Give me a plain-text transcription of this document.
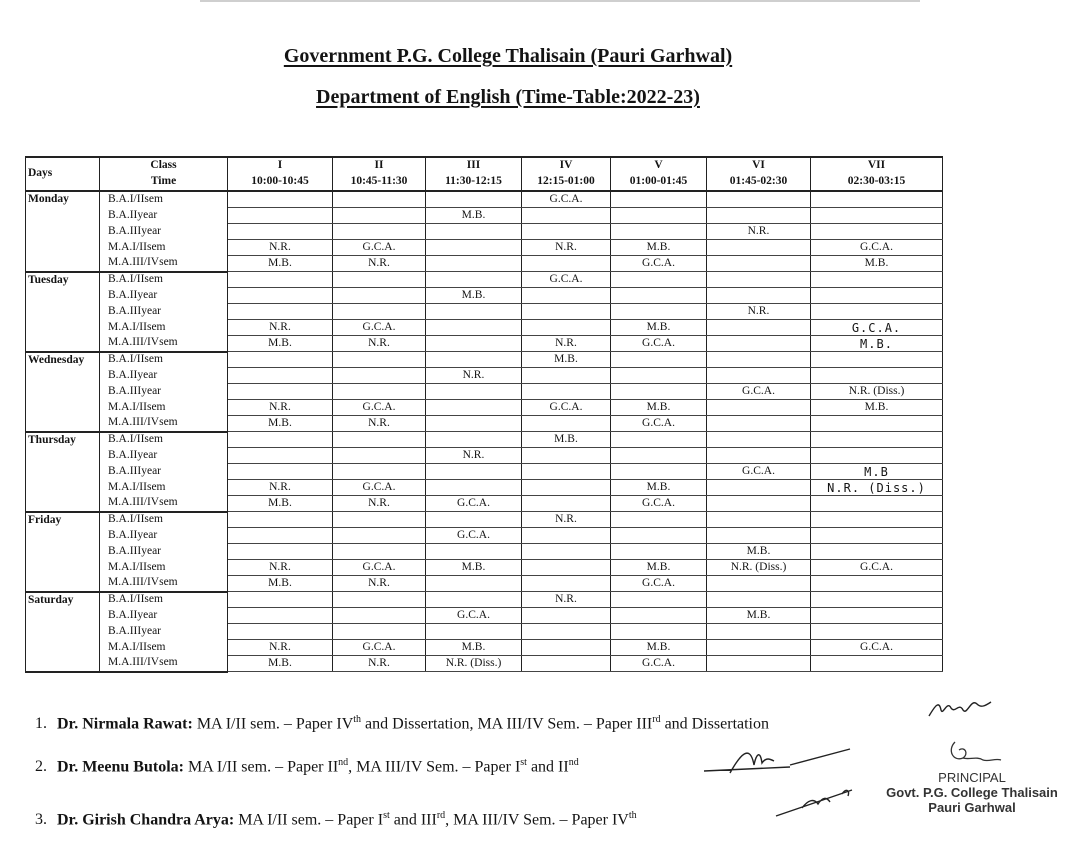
Government P.G. College Thalisain (Pauri Garhwal)
Department of English (Time-Table:2022-23)
Days	Class	I	II	III	IV	V	VI	VII
	Time	10:00-10:45	10:45-11:30	11:30-12:15	12:15-01:00	01:00-01:45	01:45-02:30	02:30-03:15
Monday	B.A.I/IIsem				G.C.A.			
	B.A.IIyear			M.B.				
	B.A.IIIyear						N.R.	
	M.A.I/IIsem	N.R.	G.C.A.		N.R.	M.B.		G.C.A.
	M.A.III/IVsem	M.B.	N.R.			G.C.A.		M.B.
Tuesday	B.A.I/IIsem				G.C.A.			
	B.A.IIyear			M.B.				
	B.A.IIIyear						N.R.	
	M.A.I/IIsem	N.R.	G.C.A.			M.B.		G.C.A.
	M.A.III/IVsem	M.B.	N.R.		N.R.	G.C.A.		M.B.
Wednesday	B.A.I/IIsem				M.B.			
	B.A.IIyear			N.R.				
	B.A.IIIyear						G.C.A.	N.R. (Diss.)
	M.A.I/IIsem	N.R.	G.C.A.		G.C.A.	M.B.		M.B.
	M.A.III/IVsem	M.B.	N.R.			G.C.A.		
Thursday	B.A.I/IIsem				M.B.			
	B.A.IIyear			N.R.				
	B.A.IIIyear						G.C.A.	M.B
	M.A.I/IIsem	N.R.	G.C.A.			M.B.		N.R. (Diss.)
	M.A.III/IVsem	M.B.	N.R.	G.C.A.		G.C.A.		
Friday	B.A.I/IIsem				N.R.			
	B.A.IIyear			G.C.A.				
	B.A.IIIyear						M.B.	
	M.A.I/IIsem	N.R.	G.C.A.	M.B.		M.B.	N.R. (Diss.)	G.C.A.
	M.A.III/IVsem	M.B.	N.R.			G.C.A.		
Saturday	B.A.I/IIsem				N.R.			
	B.A.IIyear			G.C.A.			M.B.	
	B.A.IIIyear							
	M.A.I/IIsem	N.R.	G.C.A.	M.B.		M.B.		G.C.A.
	M.A.III/IVsem	M.B.	N.R.	N.R. (Diss.)		G.C.A.		
1. Dr. Nirmala Rawat: MA I/II sem. – Paper IVth and Dissertation, MA III/IV Sem. – Paper IIIrd and Dissertation
2. Dr. Meenu Butola: MA I/II sem. – Paper IInd, MA III/IV Sem. – Paper Ist and IInd
3. Dr. Girish Chandra Arya: MA I/II sem. – Paper Ist and IIIrd, MA III/IV Sem. – Paper IVth
PRINCIPAL
Govt. P.G. College Thalisain
Pauri Garhwal
